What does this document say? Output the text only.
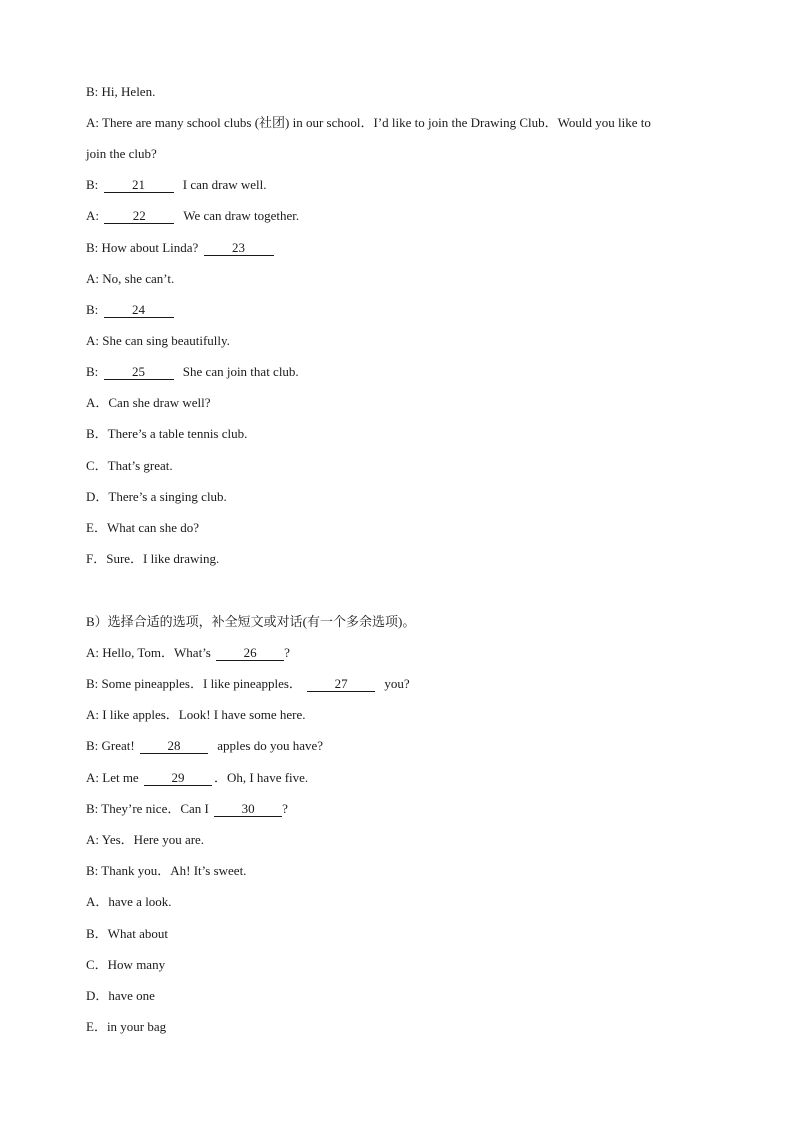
B: Hi, Helen.
A: There are many school clubs (社团) in our school．I’d like to join the Drawing Club．Would you like to
join the club?
B:	21	I can draw well.
A:	22	We can draw together.
B: How about Linda?	23
A: No, she can’t.
B:	24
A: She can sing beautifully.
B:	25	She can join that club.
A．Can she draw well?
B．There’s a table tennis club.
C．That’s great.
D．There’s a singing club.
E．What can she do?
F．Sure．I like drawing.
B）选择合适的选项，补全短文或对话(有一个多余选项)。
A: Hello, Tom．What’s	26 ?
B: Some pineapples．I like pineapples．	27	you?
A: I like apples．Look! I have some here.
B: Great!	28	apples do you have?
A: Let me	29 ．Oh, I have five.
B: They’re nice．Can I	30 ?
A: Yes．Here you are.
B: Thank you．Ah! It’s sweet.
A．have a look.
B．What about
C．How many
D．have one
E．in your bag
